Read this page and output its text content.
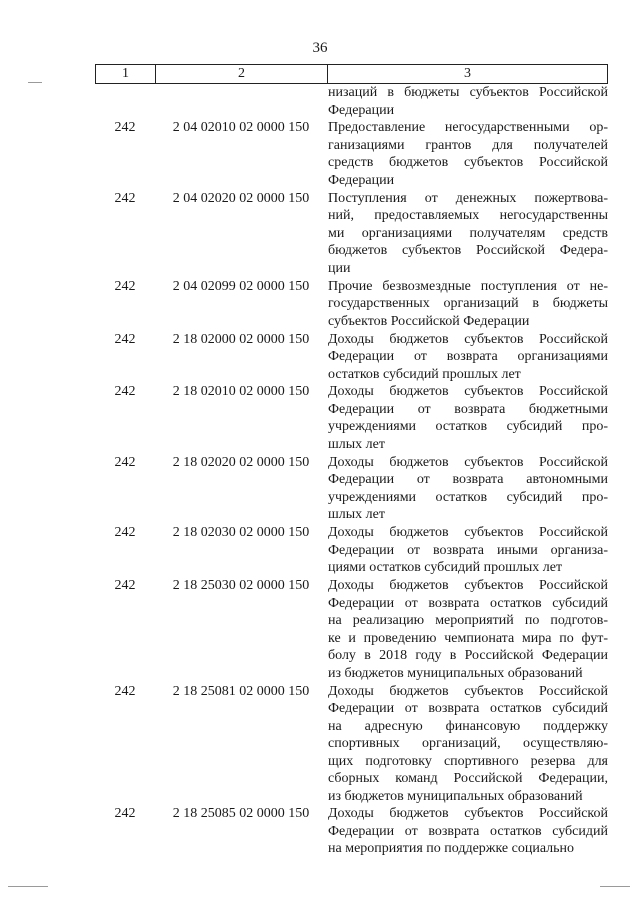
36
1	2	3
низаций в бюджеты субъектов Российской
Федерации
242	2 04 02010 02 0000 150	Предоставление негосударственными ор-
ганизациями грантов для получателей
средств бюджетов субъектов Российской
Федерации
242	2 04 02020 02 0000 150	Поступления от денежных пожертвова-
ний, предоставляемых негосударственны
ми организациями получателям средств
бюджетов субъектов Российской Федера-
ции
242	2 04 02099 02 0000 150	Прочие безвозмездные поступления от не-
государственных организаций в бюджеты
субъектов Российской Федерации
242	2 18 02000 02 0000 150	Доходы бюджетов субъектов Российской
Федерации от возврата организациями
остатков субсидий прошлых лет
242	2 18 02010 02 0000 150	Доходы бюджетов субъектов Российской
Федерации от возврата бюджетными
учреждениями остатков субсидий про-
шлых лет
242	2 18 02020 02 0000 150	Доходы бюджетов субъектов Российской
Федерации от возврата автономными
учреждениями остатков субсидий про-
шлых лет
242	2 18 02030 02 0000 150	Доходы бюджетов субъектов Российской
Федерации от возврата иными организа-
циями остатков субсидий прошлых лет
242	2 18 25030 02 0000 150	Доходы бюджетов субъектов Российской
Федерации от возврата остатков субсидий
на реализацию мероприятий по подготов-
ке и проведению чемпионата мира по фут-
болу в 2018 году в Российской Федерации
из бюджетов муниципальных образований
242	2 18 25081 02 0000 150	Доходы бюджетов субъектов Российской
Федерации от возврата остатков субсидий
на адресную финансовую поддержку
спортивных организаций, осуществляю-
щих подготовку спортивного резерва для
сборных команд Российской Федерации,
из бюджетов муниципальных образований
242	2 18 25085 02 0000 150	Доходы бюджетов субъектов Российской
Федерации от возврата остатков субсидий
на мероприятия по поддержке социально
